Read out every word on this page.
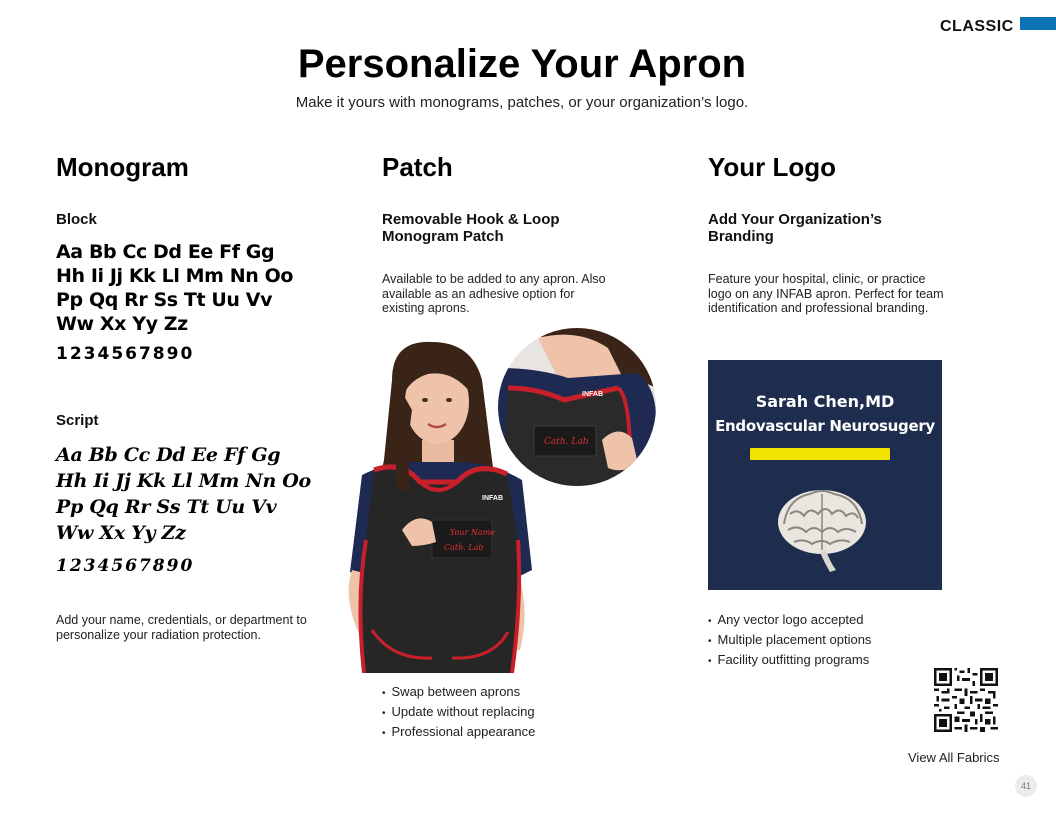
CLASSIC
Personalize Your Apron
Make it yours with monograms, patches, or your organization’s logo.
Monogram
Block
Aa Bb Cc Dd Ee Ff Gg
Hh Ii Jj Kk Ll Mm Nn Oo
Pp Qq Rr Ss Tt Uu Vv
Ww Xx Yy Zz
1234567890
Script
Aa Bb Cc Dd Ee Ff Gg
Hh Ii Jj Kk Ll Mm Nn Oo
Pp Qq Rr Ss Tt Uu Vv
Ww Xx Yy Zz
1234567890
Add your name, credentials, or department to personalize your radiation protection.
Patch
Removable Hook & Loop Monogram Patch
Available to be added to any apron. Also available as an adhesive option for existing aprons.
INFAB
Your Name
Cath. Lab
INFAB
Cath. Lab
• Swap between aprons
• Update without replacing
• Professional appearance
Your Logo
Add Your Organization’s Branding
Feature your hospital, clinic, or practice logo on any INFAB apron. Perfect for team identification and professional branding.
Sarah Chen,MD
Endovascular Neurosugery
• Any vector logo accepted
• Multiple placement options
• Facility outfitting programs
View All Fabrics
41
